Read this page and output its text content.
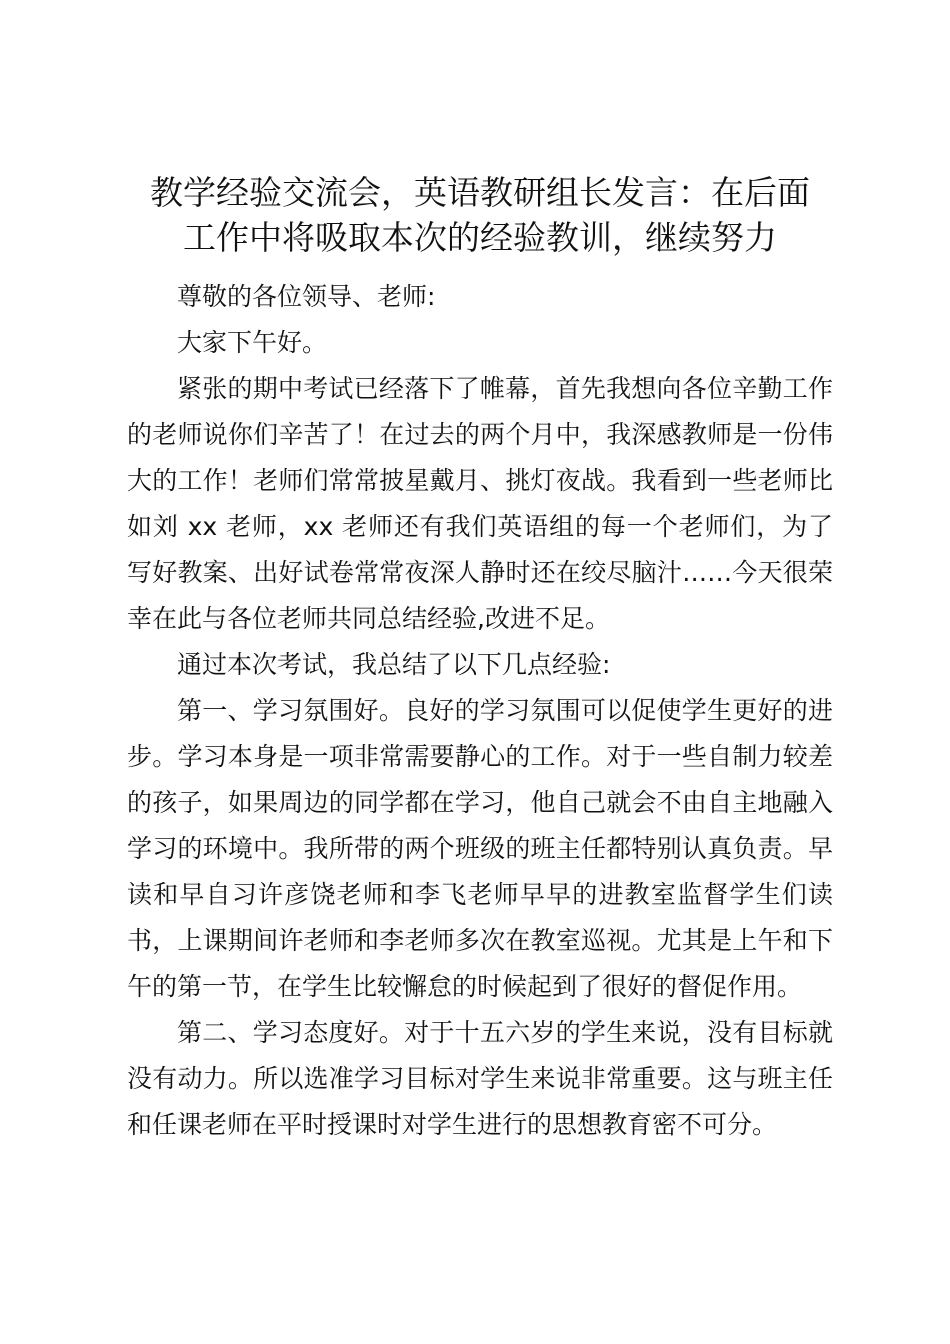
教学经验交流会，英语教研组长发言：在后面
工作中将吸取本次的经验教训，继续努力

尊敬的各位领导、老师:

大家下午好。

紧张的期中考试已经落下了帷幕，首先我想向各位辛勤工作的老师说你们辛苦了！在过去的两个月中，我深感教师是一份伟大的工作！老师们常常披星戴月、挑灯夜战。我看到一些老师比如刘 xx 老师，xx 老师还有我们英语组的每一个老师们，为了写好教案、出好试卷常常夜深人静时还在绞尽脑汁……今天很荣幸在此与各位老师共同总结经验,改进不足。

通过本次考试，我总结了以下几点经验:

第一、学习氛围好。良好的学习氛围可以促使学生更好的进步。学习本身是一项非常需要静心的工作。对于一些自制力较差的孩子，如果周边的同学都在学习，他自己就会不由自主地融入学习的环境中。我所带的两个班级的班主任都特别认真负责。早读和早自习许彦饶老师和李飞老师早早的进教室监督学生们读书，上课期间许老师和李老师多次在教室巡视。尤其是上午和下午的第一节，在学生比较懈怠的时候起到了很好的督促作用。

第二、学习态度好。对于十五六岁的学生来说，没有目标就没有动力。所以选准学习目标对学生来说非常重要。这与班主任和任课老师在平时授课时对学生进行的思想教育密不可分。
